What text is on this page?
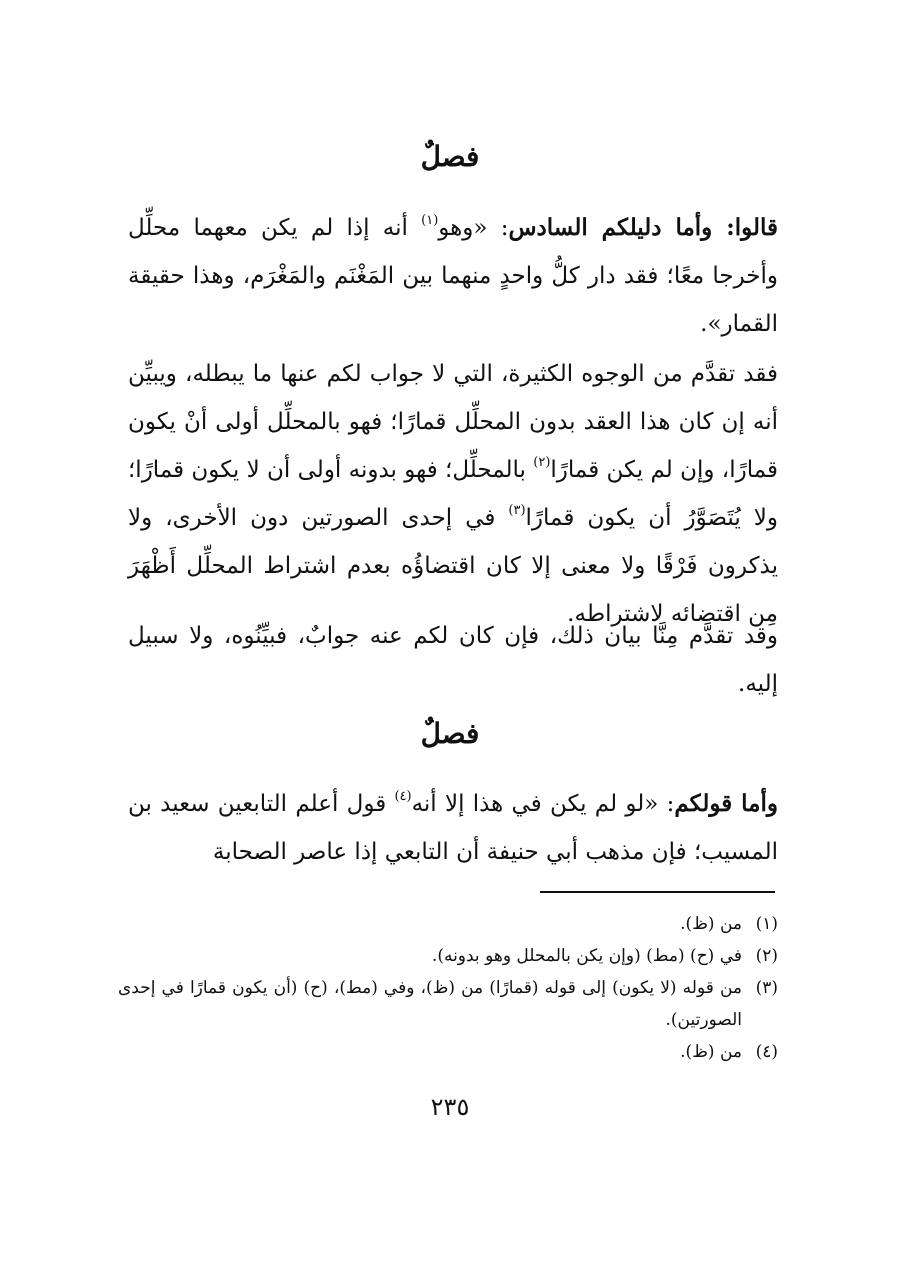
فصلٌ

قالوا: وأما دليلكم السادس: «وهو$^{(١)}$ أنه إذا لم يكن معهما محلِّل وأخرجا معًا؛ فقد دار كلُّ واحدٍ منهما بين المَغْنَم والمَغْرَم، وهذا حقيقة القمار».

فقد تقدَّم من الوجوه الكثيرة، التي لا جواب لكم عنها ما يبطله، ويبيِّن أنه إن كان هذا العقد بدون المحلِّل قمارًا؛ فهو بالمحلِّل أولى أنْ يكون قمارًا، وإن لم يكن قمارًا$^{(٢)}$ بالمحلِّل؛ فهو بدونه أولى أن لا يكون قمارًا؛ ولا يُتَصَوَّرُ أن يكون قمارًا$^{(٣)}$ في إحدى الصورتين دون الأخرى، ولا يذكرون فَرْقًا ولا معنى إلا كان اقتضاؤُه بعدم اشتراط المحلِّل أَظْهَرَ مِن اقتضائه لاشتراطه.

وقد تقدَّم مِنَّا بيان ذلك، فإن كان لكم عنه جوابٌ، فبيِّنُوه، ولا سبيل إليه.

فصلٌ

وأما قولكم: «لو لم يكن في هذا إلا أنه$^{(٤)}$ قول أعلم التابعين سعيد بن المسيب؛ فإن مذهب أبي حنيفة أن التابعي إذا عاصر الصحابة

(١)
من (ظ).
(٢)
في (ح) (مط) (وإن يكن بالمحلل وهو بدونه).
(٣)
من قوله (لا يكون) إلى قوله (قمارًا) من (ظ)، وفي (مط)، (ح) (أن يكون قمارًا في إحدى الصورتين).
(٤)
من (ظ).
٢٣٥
